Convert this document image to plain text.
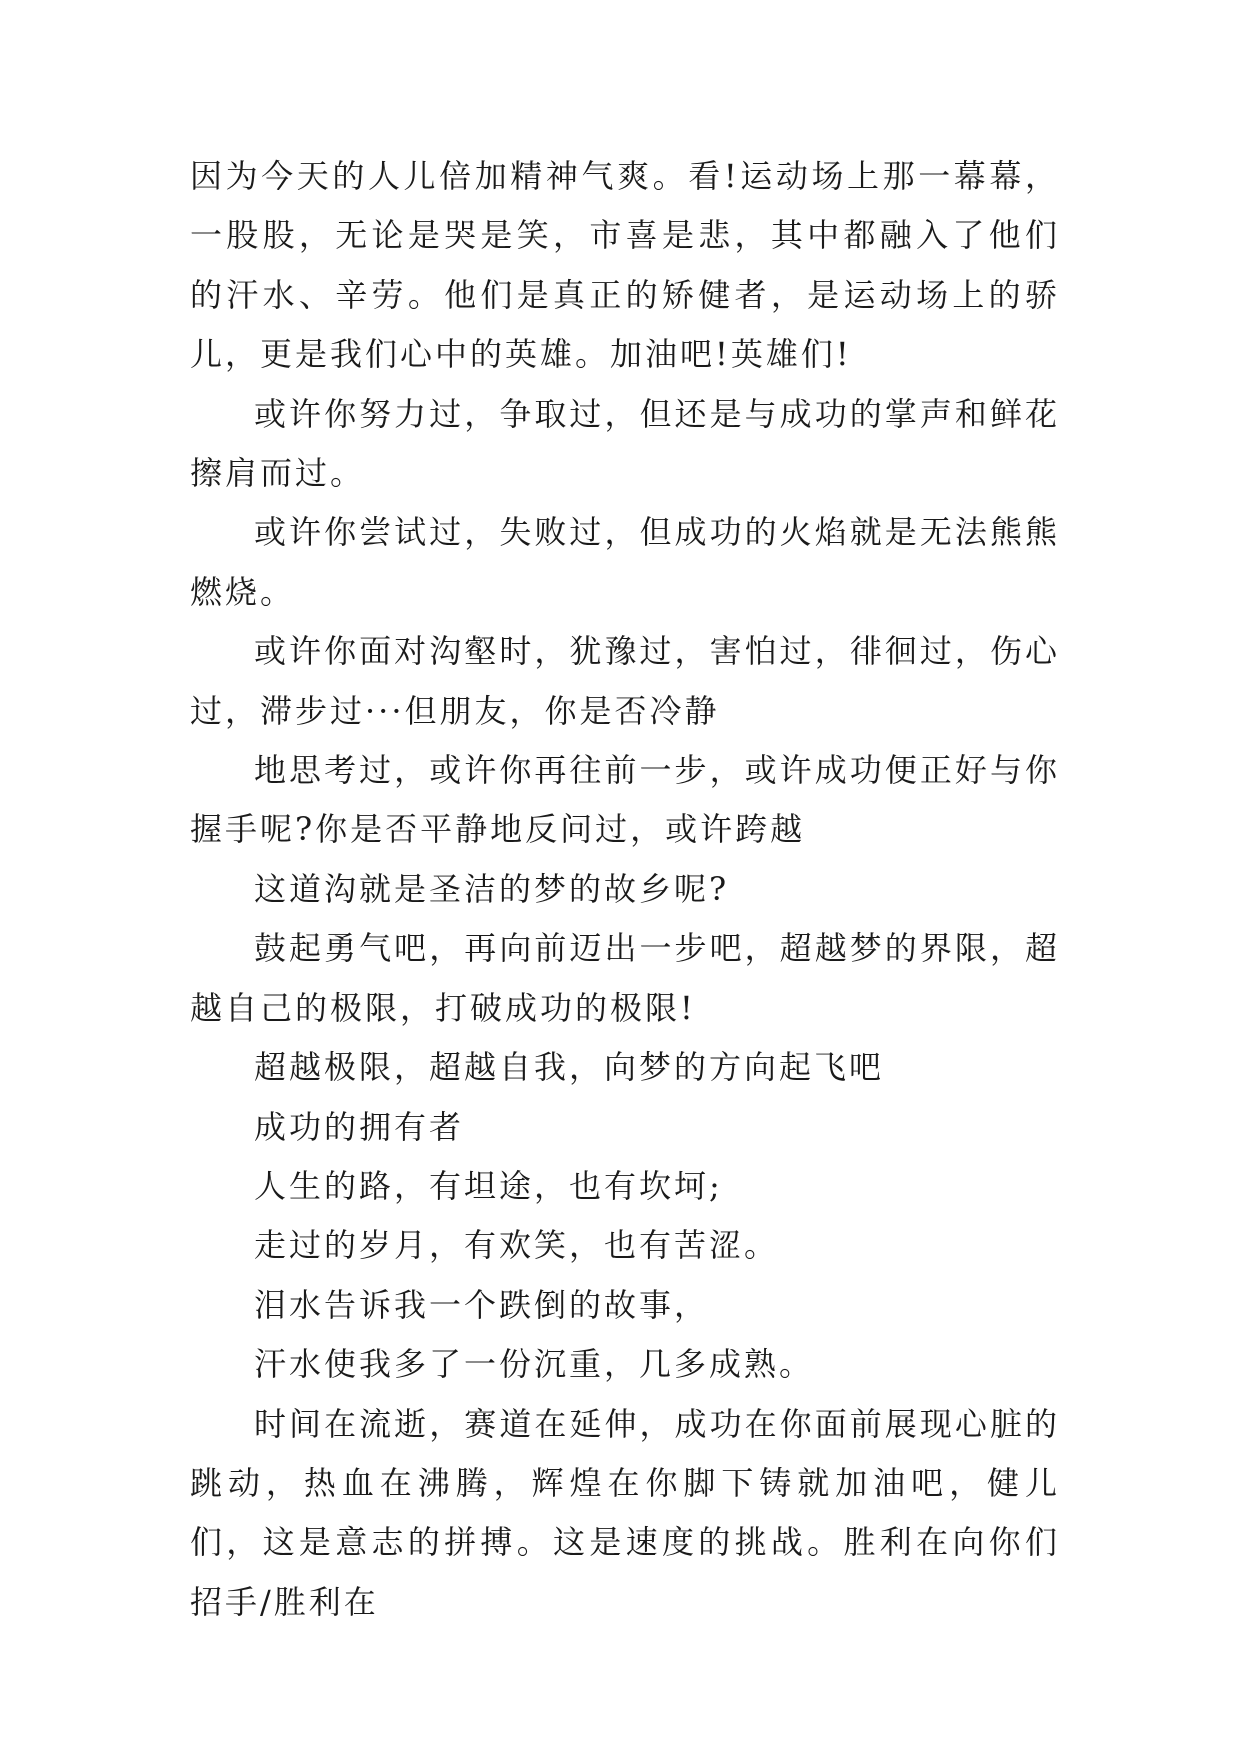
因为今天的人儿倍加精神气爽。看!运动场上那一幕幕，一股股，无论是哭是笑，市喜是悲，其中都融入了他们的汗水、辛劳。他们是真正的矫健者，是运动场上的骄儿，更是我们心中的英雄。加油吧!英雄们!

或许你努力过，争取过，但还是与成功的掌声和鲜花擦肩而过。

或许你尝试过，失败过，但成功的火焰就是无法熊熊燃烧。

或许你面对沟壑时，犹豫过，害怕过，徘徊过，伤心过，滞步过···但朋友，你是否冷静

地思考过，或许你再往前一步，或许成功便正好与你握手呢?你是否平静地反问过，或许跨越

这道沟就是圣洁的梦的故乡呢?

鼓起勇气吧，再向前迈出一步吧，超越梦的界限，超越自己的极限，打破成功的极限!

超越极限，超越自我，向梦的方向起飞吧

成功的拥有者

人生的路，有坦途，也有坎坷;

走过的岁月，有欢笑，也有苦涩。

泪水告诉我一个跌倒的故事，

汗水使我多了一份沉重，几多成熟。

时间在流逝，赛道在延伸，成功在你面前展现心脏的跳动，热血在沸腾，辉煌在你脚下铸就加油吧，健儿们，这是意志的拼搏。这是速度的挑战。胜利在向你们招手/胜利在
